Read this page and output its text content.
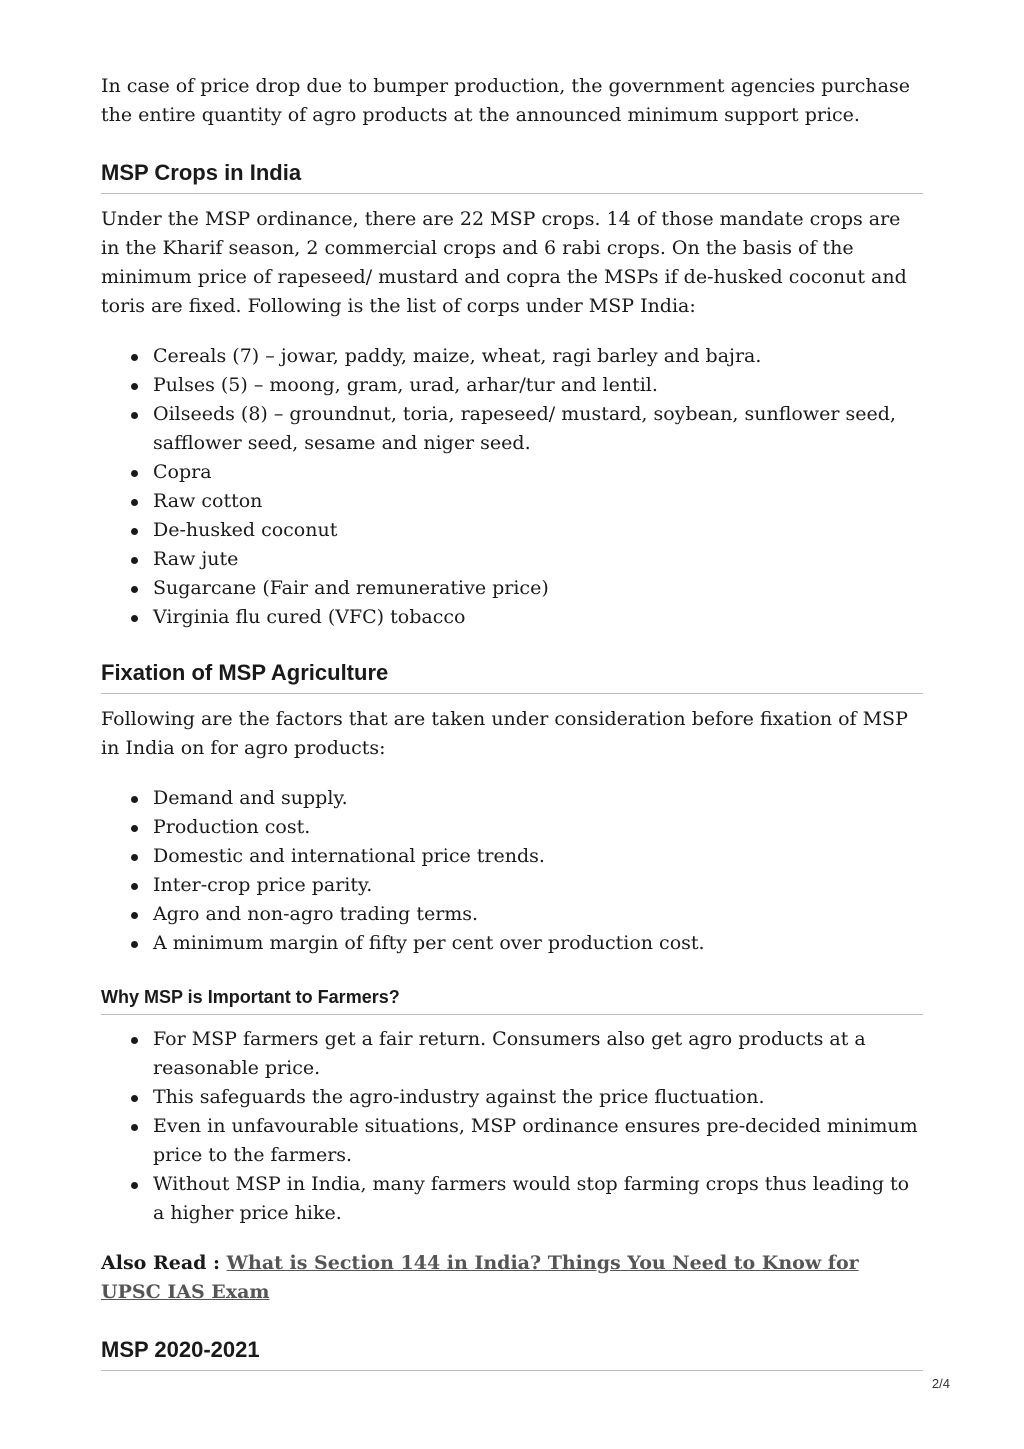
In case of price drop due to bumper production, the government agencies purchase the entire quantity of agro products at the announced minimum support price.

MSP Crops in India

Under the MSP ordinance, there are 22 MSP crops. 14 of those mandate crops are in the Kharif season, 2 commercial crops and 6 rabi crops. On the basis of the minimum price of rapeseed/ mustard and copra the MSPs if de-husked coconut and toris are fixed. Following is the list of corps under MSP India:

Cereals (7) – jowar, paddy, maize, wheat, ragi barley and bajra.
Pulses (5) – moong, gram, urad, arhar/tur and lentil.
Oilseeds (8) – groundnut, toria, rapeseed/ mustard, soybean, sunflower seed, safflower seed, sesame and niger seed.
Copra
Raw cotton
De-husked coconut
Raw jute
Sugarcane (Fair and remunerative price)
Virginia flu cured (VFC) tobacco
Fixation of MSP Agriculture

Following are the factors that are taken under consideration before fixation of MSP in India on for agro products:

Demand and supply.
Production cost.
Domestic and international price trends.
Inter-crop price parity.
Agro and non-agro trading terms.
A minimum margin of fifty per cent over production cost.
Why MSP is Important to Farmers?
For MSP farmers get a fair return. Consumers also get agro products at a reasonable price.
This safeguards the agro-industry against the price fluctuation.
Even in unfavourable situations, MSP ordinance ensures pre-decided minimum price to the farmers.
Without MSP in India, many farmers would stop farming crops thus leading to a higher price hike.

Also Read : What is Section 144 in India? Things You Need to Know for UPSC IAS Exam

MSP 2020-2021
2/4
